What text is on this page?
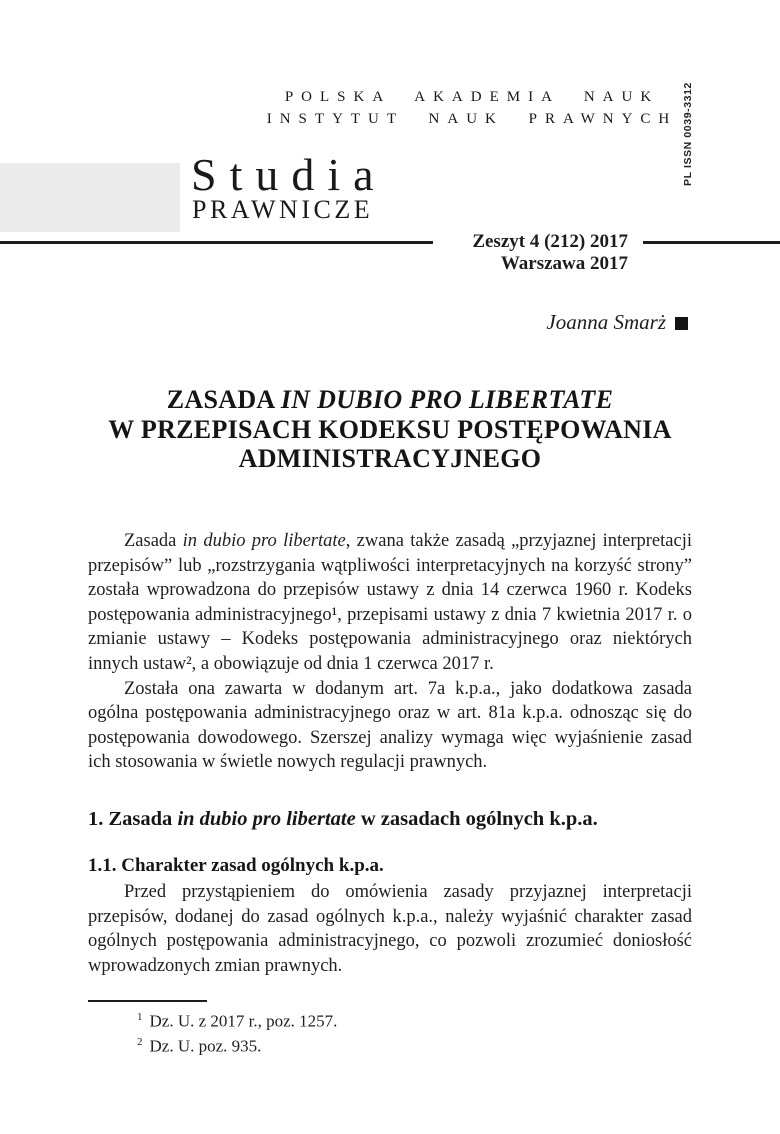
POLSKA AKADEMIA NAUK
INSTYTUT NAUK PRAWNYCH PL ISSN 0039-3312
Studia
PRAWNICZE
Zeszyt 4 (212) 2017
Warszawa 2017
Joanna Smarż
ZASADA IN DUBIO PRO LIBERTATE
W PRZEPISACH KODEKSU POSTĘPOWANIA
ADMINISTRACYJNEGO

Zasada in dubio pro libertate, zwana także zasadą „przyjaznej interpretacji przepisów” lub „rozstrzygania wątpliwości interpretacyjnych na korzyść strony” została wprowadzona do przepisów ustawy z dnia 14 czerwca 1960 r. Kodeks postępowania administracyjnego¹, przepisami ustawy z dnia 7 kwietnia 2017 r. o zmianie ustawy – Kodeks postępowania administracyjnego oraz niektórych innych ustaw², a obowiązuje od dnia 1 czerwca 2017 r.

Została ona zawarta w dodanym art. 7a k.p.a., jako dodatkowa zasada ogólna postępowania administracyjnego oraz w art. 81a k.p.a. odnosząc się do postępowania dowodowego. Szerszej analizy wymaga więc wyjaśnienie zasad ich stosowania w świetle nowych regulacji prawnych.

1. Zasada in dubio pro libertate w zasadach ogólnych k.p.a.
1.1. Charakter zasad ogólnych k.p.a.

Przed przystąpieniem do omówienia zasady przyjaznej interpretacji przepisów, dodanej do zasad ogólnych k.p.a., należy wyjaśnić charakter zasad ogólnych postępowania administracyjnego, co pozwoli zrozumieć doniosłość wprowadzonych zmian prawnych.

$^1$ Dz. U. z 2017 r., poz. 1257.
$^2$ Dz. U. poz. 935.
